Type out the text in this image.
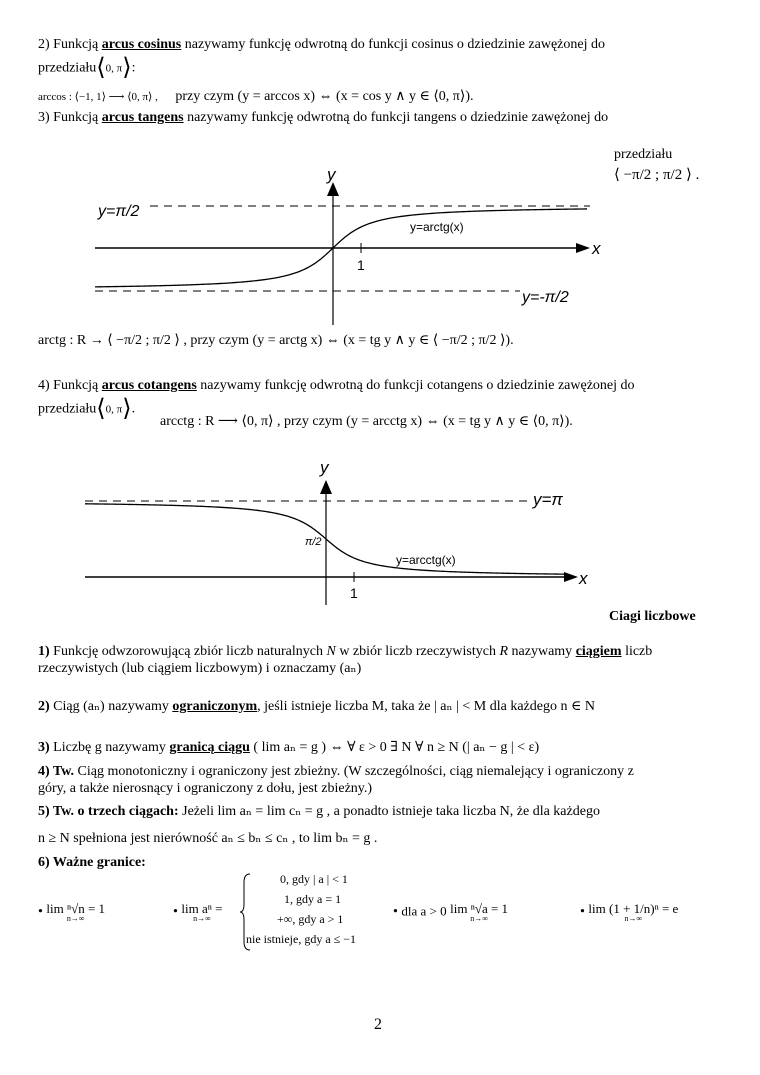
2) Funkcją arcus cosinus nazywamy funkcję odwrotną do funkcji cosinus o dziedzinie zawężonej do
przedziału⟨0, π⟩:
arccos : ⟨−1, 1⟩ ⟶ ⟨0, π⟩ , przy czym (y = arccos x) ⇔ (x = cos y ∧ y ∈ ⟨0, π⟩).
3) Funkcją arcus tangens nazywamy funkcję odwrotną do funkcji tangens o dziedzinie zawężonej do
przedziału
⟨ −π/2 ; π/2 ⟩ .
x
y
1
y=arctg(x)
y=π/2
y=-π/2
arctg : R → ⟨ −π/2 ; π/2 ⟩ , przy czym (y = arctg x) ⇔ (x = tg y ∧ y ∈ ⟨ −π/2 ; π/2 ⟩).
4) Funkcją arcus cotangens nazywamy funkcję odwrotną do funkcji cotangens o dziedzinie zawężonej do
przedziału⟨0, π⟩.
arcctg : R ⟶ ⟨0, π⟩ , przy czym (y = arcctg x) ⇔ (x = tg y ∧ y ∈ ⟨0, π⟩).
x
y
1
y=arcctg(x)
y=π
π/2
Ciagi liczbowe
1) Funkcję odwzorowującą zbiór liczb naturalnych N w zbiór liczb rzeczywistych R nazywamy ciągiem liczb
rzeczywistych (lub ciągiem liczbowym) i oznaczamy (aₙ)
2) Ciąg (aₙ) nazywamy ograniczonym, jeśli istnieje liczba M, taka że | aₙ | < M dla każdego n ∈ N
3) Liczbę g nazywamy granicą ciągu ( lim aₙ = g ) ⇔ ∀ ε > 0 ∃ N ∀ n ≥ N (| aₙ − g | < ε)
4) Tw. Ciąg monotoniczny i ograniczony jest zbieżny. (W szczególności, ciąg niemalejący i ograniczony z
góry, a także nierosnący i ograniczony z dołu, jest zbieżny.)
5) Tw. o trzech ciągach: Jeżeli lim aₙ = lim cₙ = g , a ponadto istnieje taka liczba N, że dla każdego
n ≥ N spełniona jest nierówność aₙ ≤ bₙ ≤ cₙ , to lim bₙ = g .
6) Ważne granice:
• lim ⁿ√n = 1
n→∞	• lim aⁿ =
n→∞
0, gdy | a | < 1
1, gdy a = 1
+∞, gdy a > 1
nie istnieje, gdy a ≤ −1
• dla a > 0 lim ⁿ√a = 1
n→∞	• lim (1 + 1/n)ⁿ = e
n→∞
2
